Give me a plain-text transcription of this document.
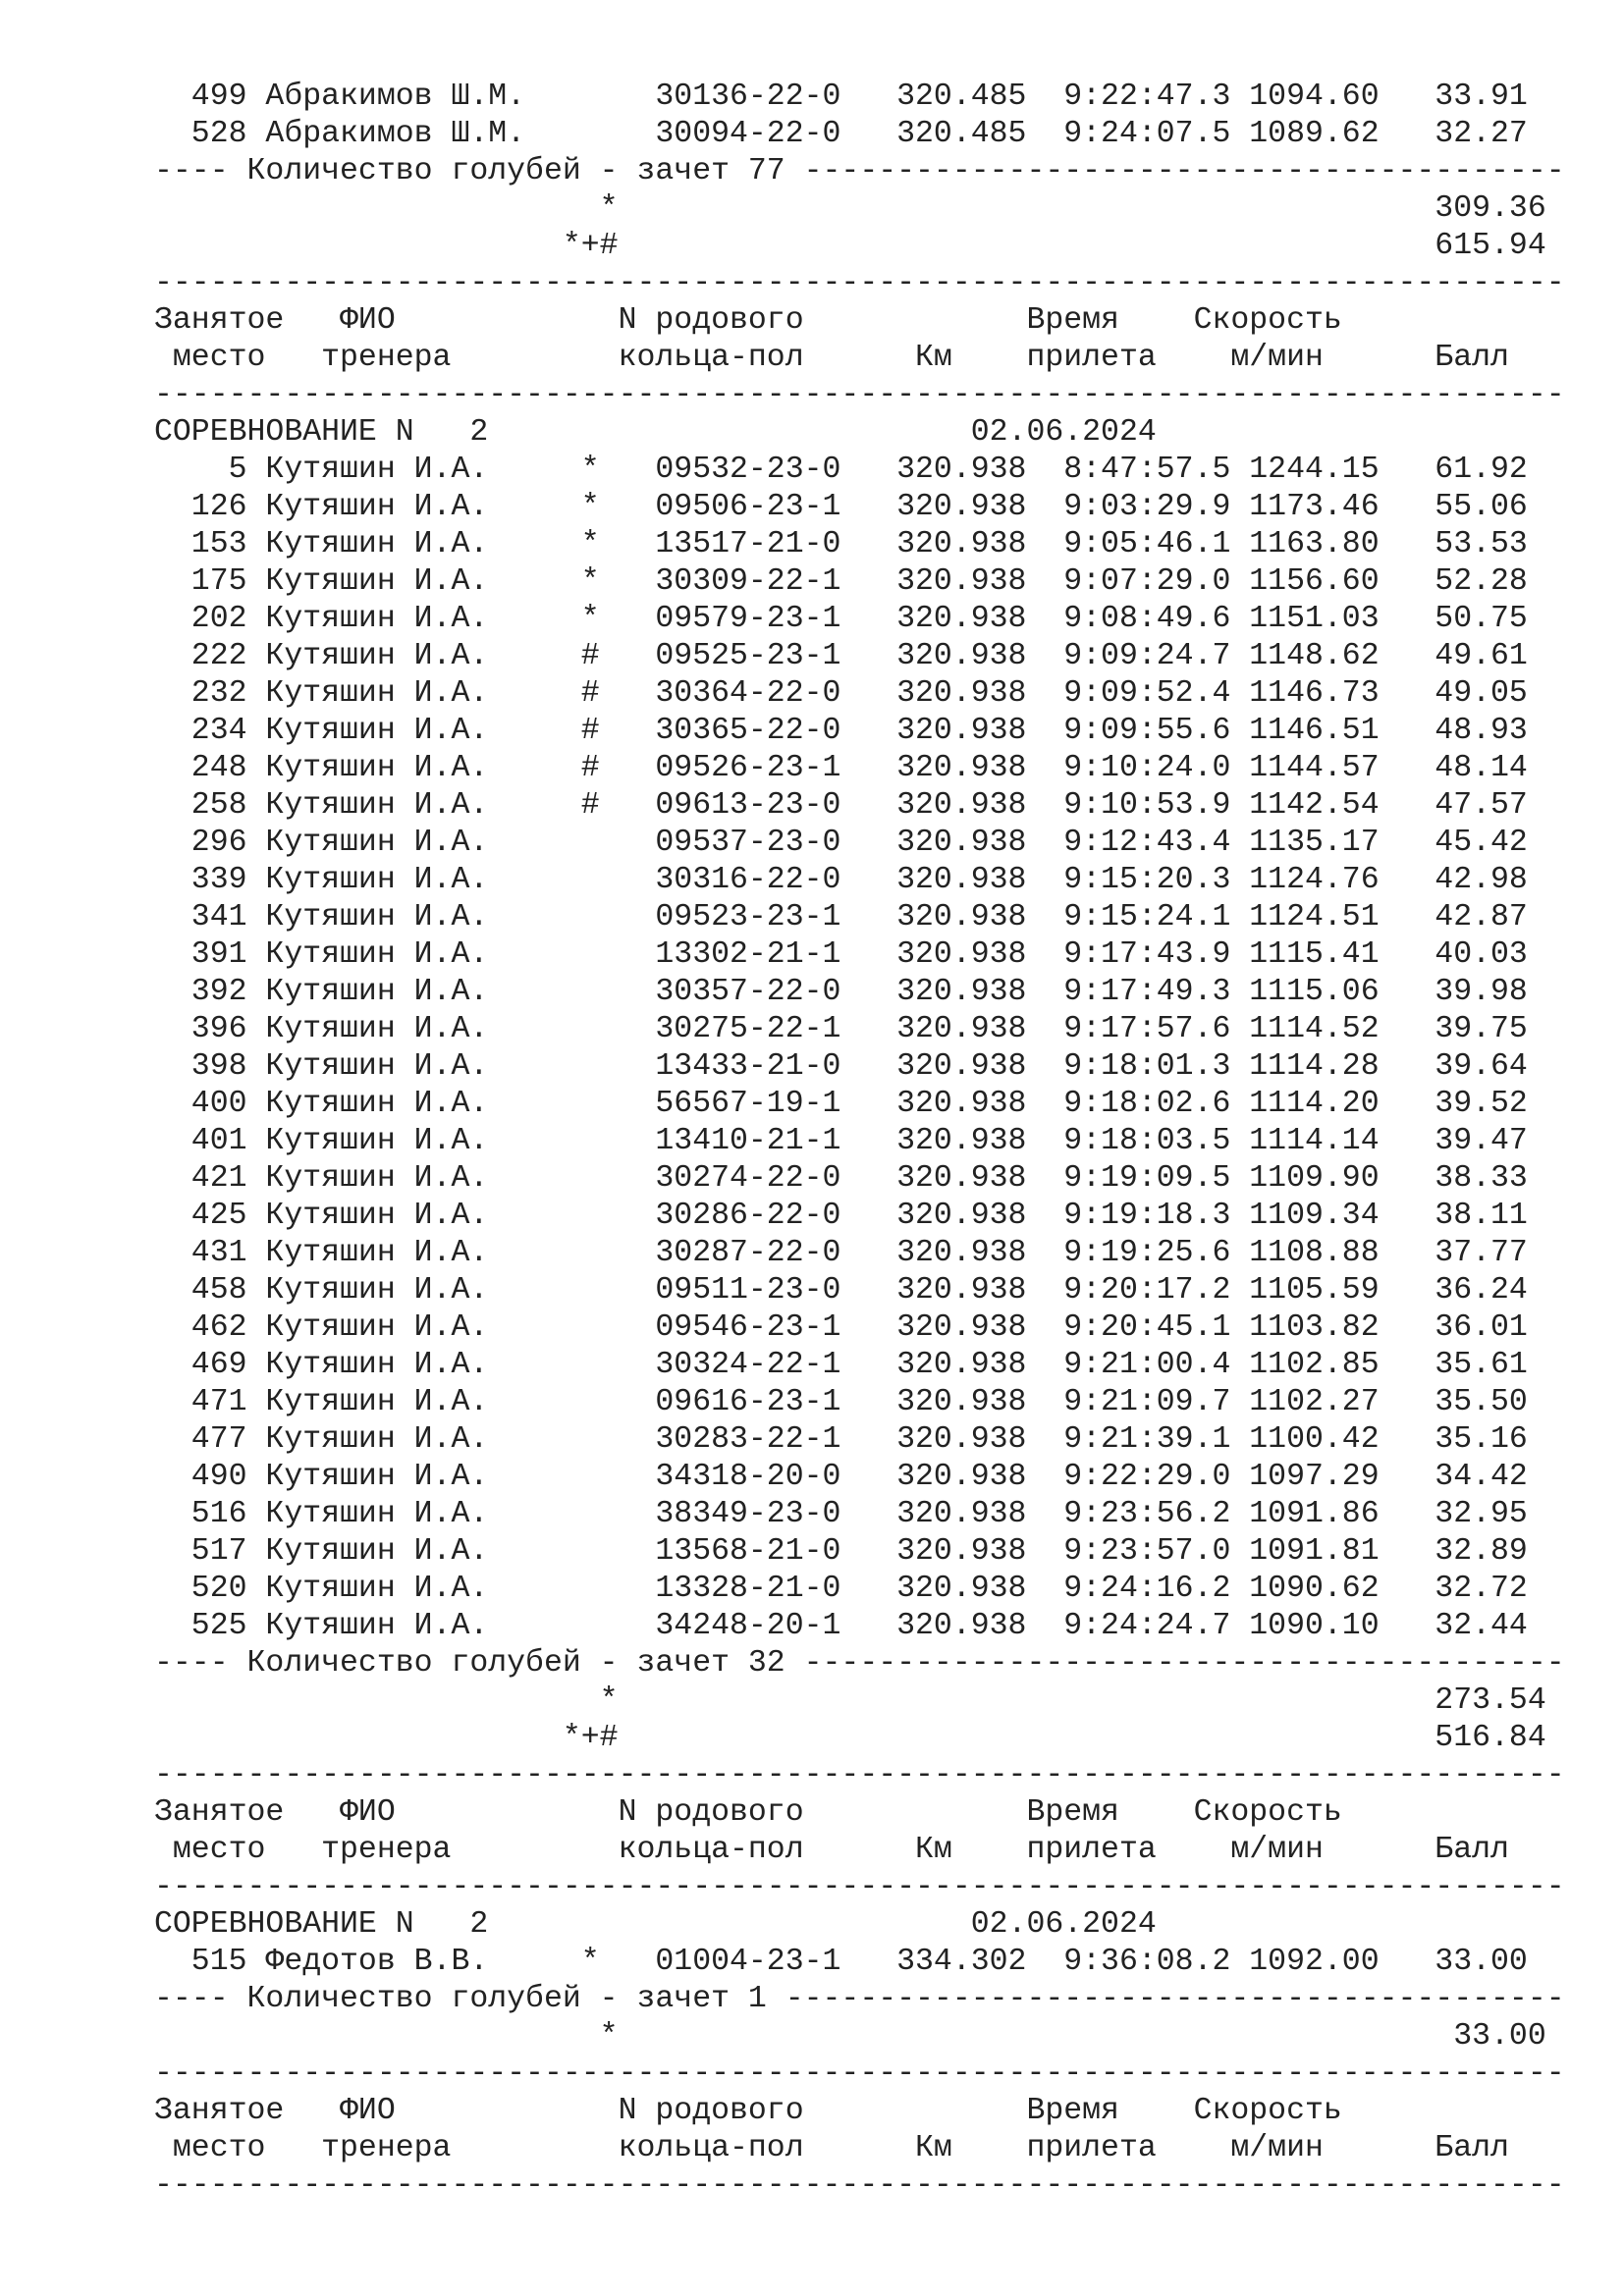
499 Абракимов Ш.М.       30136-22-0   320.485  9:22:47.3 1094.60   33.91
528 Абракимов Ш.М.       30094-22-0   320.485  9:24:07.5 1089.62   32.27
---- Количество голубей - зачет 77 -----------------------------------------
*                                            309.36
*+#                                            615.94
----------------------------------------------------------------------------
Занятое   ФИО            N родового            Время    Скорость
место   тренера         кольца-пол      Км    прилета    м/мин      Балл
----------------------------------------------------------------------------
СОРЕВНОВАНИЕ N   2                          02.06.2024
5 Кутяшин И.А.     *   09532-23-0   320.938  8:47:57.5 1244.15   61.92
126 Кутяшин И.А.     *   09506-23-1   320.938  9:03:29.9 1173.46   55.06
153 Кутяшин И.А.     *   13517-21-0   320.938  9:05:46.1 1163.80   53.53
175 Кутяшин И.А.     *   30309-22-1   320.938  9:07:29.0 1156.60   52.28
202 Кутяшин И.А.     *   09579-23-1   320.938  9:08:49.6 1151.03   50.75
222 Кутяшин И.А.     #   09525-23-1   320.938  9:09:24.7 1148.62   49.61
232 Кутяшин И.А.     #   30364-22-0   320.938  9:09:52.4 1146.73   49.05
234 Кутяшин И.А.     #   30365-22-0   320.938  9:09:55.6 1146.51   48.93
248 Кутяшин И.А.     #   09526-23-1   320.938  9:10:24.0 1144.57   48.14
258 Кутяшин И.А.     #   09613-23-0   320.938  9:10:53.9 1142.54   47.57
296 Кутяшин И.А.         09537-23-0   320.938  9:12:43.4 1135.17   45.42
339 Кутяшин И.А.         30316-22-0   320.938  9:15:20.3 1124.76   42.98
341 Кутяшин И.А.         09523-23-1   320.938  9:15:24.1 1124.51   42.87
391 Кутяшин И.А.         13302-21-1   320.938  9:17:43.9 1115.41   40.03
392 Кутяшин И.А.         30357-22-0   320.938  9:17:49.3 1115.06   39.98
396 Кутяшин И.А.         30275-22-1   320.938  9:17:57.6 1114.52   39.75
398 Кутяшин И.А.         13433-21-0   320.938  9:18:01.3 1114.28   39.64
400 Кутяшин И.А.         56567-19-1   320.938  9:18:02.6 1114.20   39.52
401 Кутяшин И.А.         13410-21-1   320.938  9:18:03.5 1114.14   39.47
421 Кутяшин И.А.         30274-22-0   320.938  9:19:09.5 1109.90   38.33
425 Кутяшин И.А.         30286-22-0   320.938  9:19:18.3 1109.34   38.11
431 Кутяшин И.А.         30287-22-0   320.938  9:19:25.6 1108.88   37.77
458 Кутяшин И.А.         09511-23-0   320.938  9:20:17.2 1105.59   36.24
462 Кутяшин И.А.         09546-23-1   320.938  9:20:45.1 1103.82   36.01
469 Кутяшин И.А.         30324-22-1   320.938  9:21:00.4 1102.85   35.61
471 Кутяшин И.А.         09616-23-1   320.938  9:21:09.7 1102.27   35.50
477 Кутяшин И.А.         30283-22-1   320.938  9:21:39.1 1100.42   35.16
490 Кутяшин И.А.         34318-20-0   320.938  9:22:29.0 1097.29   34.42
516 Кутяшин И.А.         38349-23-0   320.938  9:23:56.2 1091.86   32.95
517 Кутяшин И.А.         13568-21-0   320.938  9:23:57.0 1091.81   32.89
520 Кутяшин И.А.         13328-21-0   320.938  9:24:16.2 1090.62   32.72
525 Кутяшин И.А.         34248-20-1   320.938  9:24:24.7 1090.10   32.44
---- Количество голубей - зачет 32 -----------------------------------------
*                                            273.54
*+#                                            516.84
----------------------------------------------------------------------------
Занятое   ФИО            N родового            Время    Скорость
место   тренера         кольца-пол      Км    прилета    м/мин      Балл
----------------------------------------------------------------------------
СОРЕВНОВАНИЕ N   2                          02.06.2024
515 Федотов В.В.     *   01004-23-1   334.302  9:36:08.2 1092.00   33.00
---- Количество голубей - зачет 1 ------------------------------------------
*                                             33.00
----------------------------------------------------------------------------
Занятое   ФИО            N родового            Время    Скорость
место   тренера         кольца-пол      Км    прилета    м/мин      Балл
----------------------------------------------------------------------------
